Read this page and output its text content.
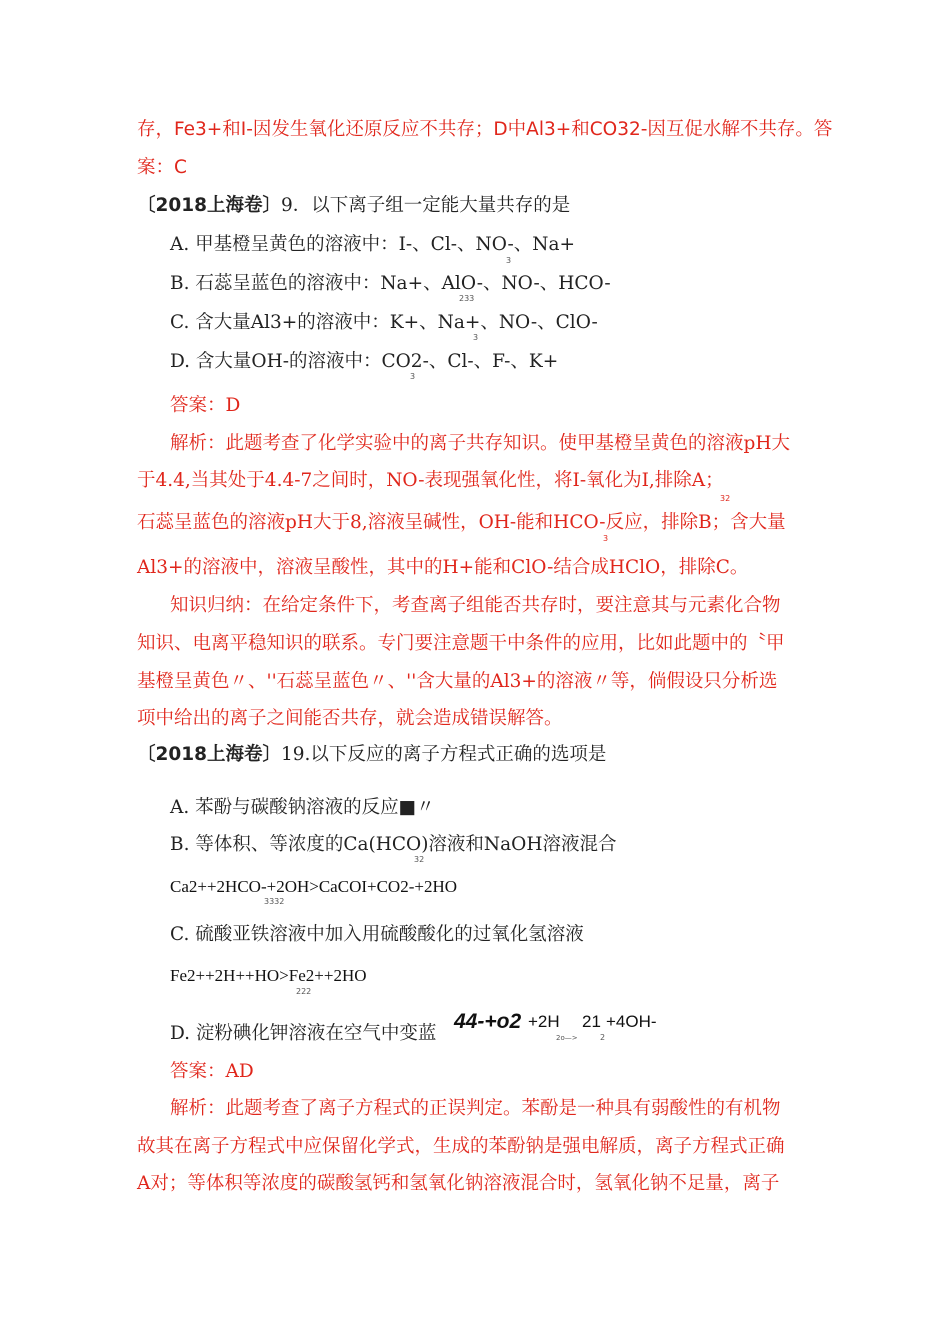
存，Fe3+和I-因发生氧化还原反应不共存；D中Al3+和CO32-因互促水解不共存。答
案：C
〔2018上海卷〕9．以下离子组一定能大量共存的是
A. 甲基橙呈黄色的溶液中：I-、Cl-、NO-、Na+
3
B. 石蕊呈蓝色的溶液中：Na+、AlO-、NO-、HCO-
233
C. 含大量Al3+的溶液中：K+、Na+、NO-、ClO-
3
D. 含大量OH-的溶液中：CO2-、Cl-、F-、K+
3
答案：D
解析：此题考查了化学实验中的离子共存知识。使甲基橙呈黄色的溶液pH大
于4.4,当其处于4.4-7之间时，NO-表现强氧化性，将I-氧化为I,排除A；
32
石蕊呈蓝色的溶液pH大于8,溶液呈碱性，OH-能和HCO-反应，排除B；含大量
3
Al3+的溶液中，溶液呈酸性，其中的H+能和ClO-结合成HClO，排除C。
知识归纳：在给定条件下，考查离子组能否共存时，要注意其与元素化合物
知识、电离平稳知识的联系。专门要注意题干中条件的应用，比如此题中的〝甲
基橙呈黄色〃、''石蕊呈蓝色〃、''含大量的Al3+的溶液〃等，倘假设只分析选
项中给出的离子之间能否共存，就会造成错误解答。
〔2018上海卷〕19.以下反应的离子方程式正确的选项是
A. 苯酚与碳酸钠溶液的反应■〃
B. 等体积、等浓度的Ca(HCO)溶液和NaOH溶液混合
32
Ca2++2HCO-+2OH>CaCOI+CO2-+2HO
3332
C. 硫酸亚铁溶液中加入用硫酸酸化的过氧化氢溶液
Fe2++2H++HO>Fe2++2HO
222
D. 淀粉碘化钾溶液在空气中变蓝
44-+o2 +2H
2o—>
21
2
+4OH-
答案：AD
解析：此题考查了离子方程式的正误判定。苯酚是一种具有弱酸性的有机物
故其在离子方程式中应保留化学式，生成的苯酚钠是强电解质，离子方程式正确
A对；等体积等浓度的碳酸氢钙和氢氧化钠溶液混合时，氢氧化钠不足量，离子
